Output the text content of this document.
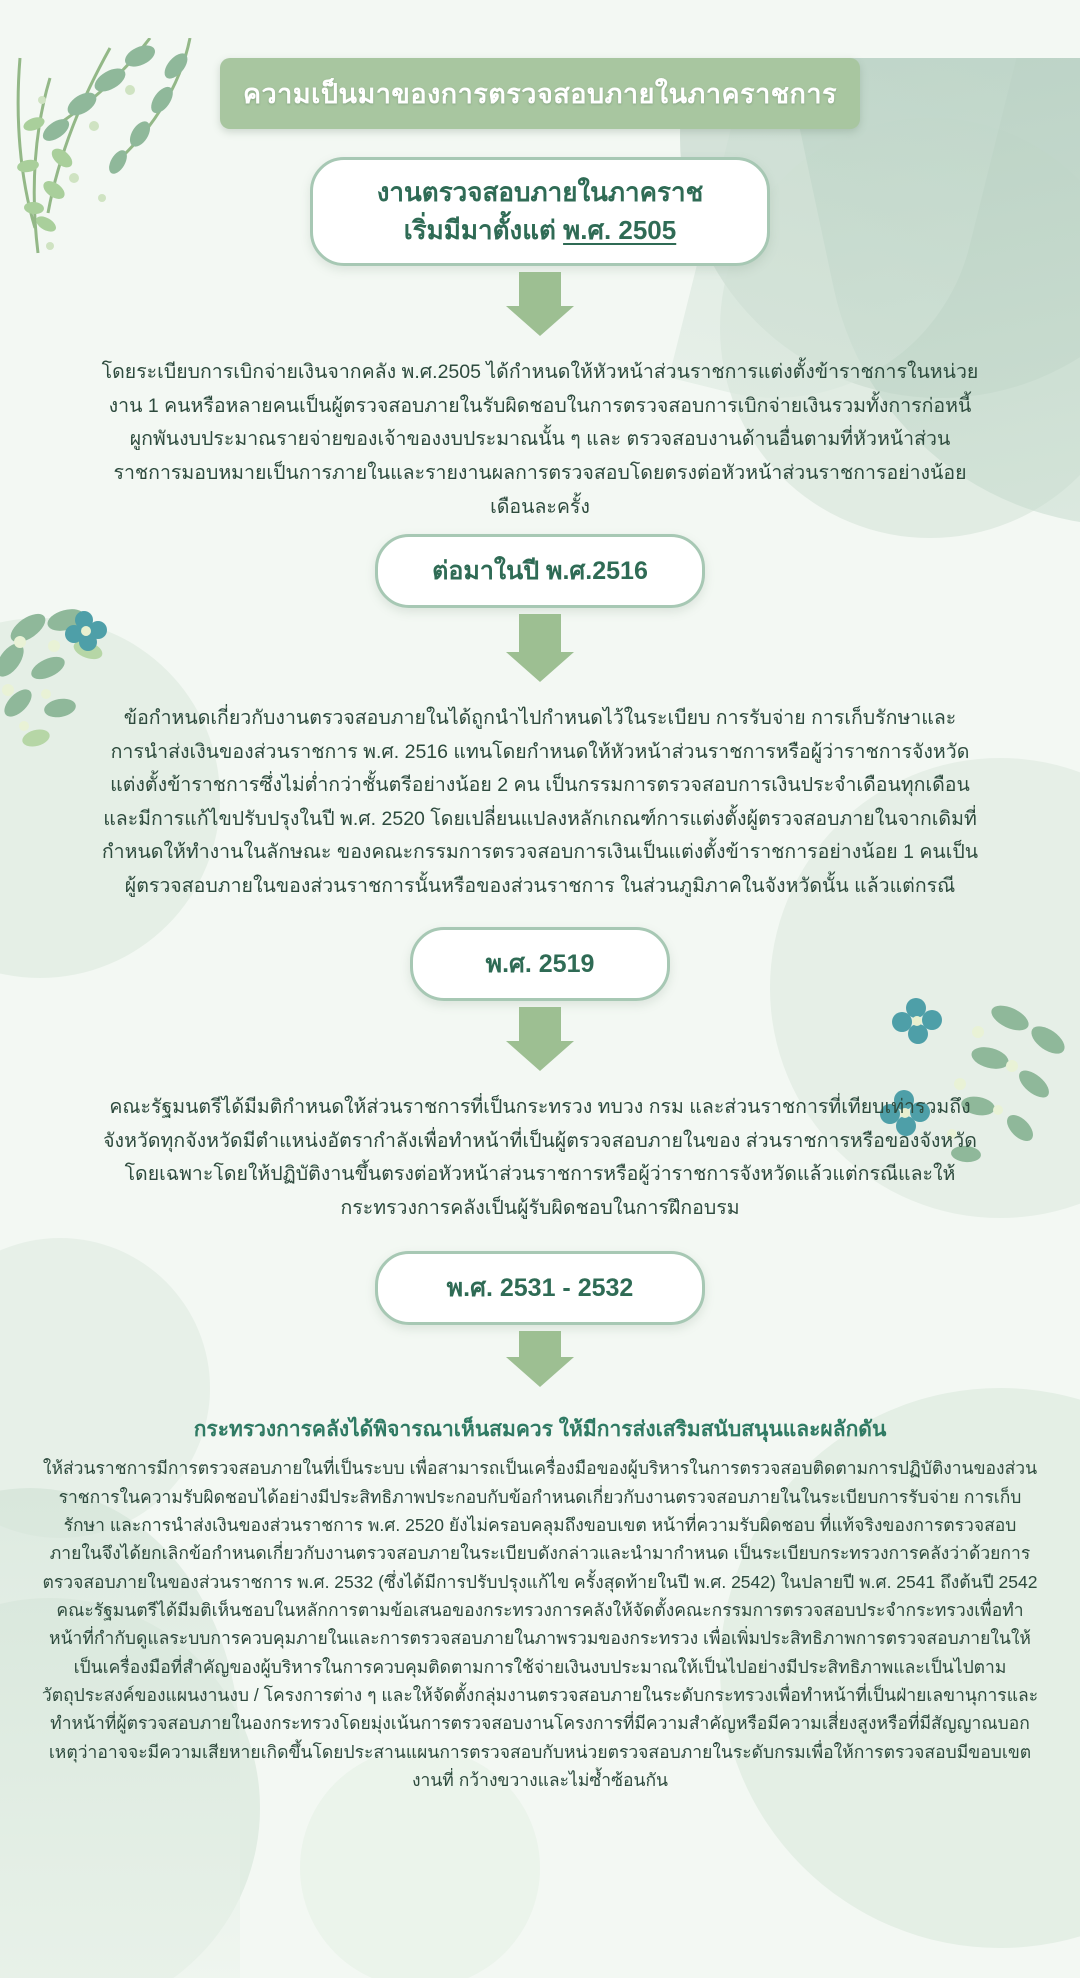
ความเป็นมาของการตรวจสอบภายในภาคราชการ
งานตรวจสอบภายในภาคราช
เริ่มมีมาตั้งแต่ พ.ศ. 2505

โดยระเบียบการเบิกจ่ายเงินจากคลัง พ.ศ.2505 ได้กำหนดให้หัวหน้าส่วนราชการแต่งตั้งข้าราชการในหน่วยงาน 1 คนหรือหลายคนเป็นผู้ตรวจสอบภายในรับผิดชอบในการตรวจสอบการเบิกจ่ายเงินรวมทั้งการก่อหนี้ผูกพันงบประมาณรายจ่ายของเจ้าของงบประมาณนั้น ๆ และ ตรวจสอบงานด้านอื่นตามที่หัวหน้าส่วนราชการมอบหมายเป็นการภายในและรายงานผลการตรวจสอบโดยตรงต่อหัวหน้าส่วนราชการอย่างน้อยเดือนละครั้ง

ต่อมาในปี พ.ศ.2516

ข้อกำหนดเกี่ยวกับงานตรวจสอบภายในได้ถูกนำไปกำหนดไว้ในระเบียบ การรับจ่าย การเก็บรักษาและการนำส่งเงินของส่วนราชการ พ.ศ. 2516 แทนโดยกำหนดให้หัวหน้าส่วนราชการหรือผู้ว่าราชการจังหวัดแต่งตั้งข้าราชการซึ่งไม่ต่ำกว่าชั้นตรีอย่างน้อย 2 คน เป็นกรรมการตรวจสอบการเงินประจำเดือนทุกเดือนและมีการแก้ไขปรับปรุงในปี พ.ศ. 2520 โดยเปลี่ยนแปลงหลักเกณฑ์การแต่งตั้งผู้ตรวจสอบภายในจากเดิมที่กำหนดให้ทำงานในลักษณะ ของคณะกรรมการตรวจสอบการเงินเป็นแต่งตั้งข้าราชการอย่างน้อย 1 คนเป็นผู้ตรวจสอบภายในของส่วนราชการนั้นหรือของส่วนราชการ ในส่วนภูมิภาคในจังหวัดนั้น แล้วแต่กรณี

พ.ศ. 2519

คณะรัฐมนตรีได้มีมติกำหนดให้ส่วนราชการที่เป็นกระทรวง ทบวง กรม และส่วนราชการที่เทียบเท่ารวมถึงจังหวัดทุกจังหวัดมีตำแหน่งอัตรากำลังเพื่อทำหน้าที่เป็นผู้ตรวจสอบภายในของ ส่วนราชการหรือของจังหวัดโดยเฉพาะโดยให้ปฏิบัติงานขึ้นตรงต่อหัวหน้าส่วนราชการหรือผู้ว่าราชการจังหวัดแล้วแต่กรณีและให้กระทรวงการคลังเป็นผู้รับผิดชอบในการฝึกอบรม

พ.ศ. 2531 - 2532
กระทรวงการคลังได้พิจารณาเห็นสมควร ให้มีการส่งเสริมสนับสนุนและผลักดัน

ให้ส่วนราชการมีการตรวจสอบภายในที่เป็นระบบ เพื่อสามารถเป็นเครื่องมือของผู้บริหารในการตรวจสอบติดตามการปฏิบัติงานของส่วนราชการในความรับผิดชอบได้อย่างมีประสิทธิภาพประกอบกับข้อกำหนดเกี่ยวกับงานตรวจสอบภายในในระเบียบการรับจ่าย การเก็บรักษา และการนำส่งเงินของส่วนราชการ พ.ศ. 2520 ยังไม่ครอบคลุมถึงขอบเขต หน้าที่ความรับผิดชอบ ที่แท้จริงของการตรวจสอบภายในจึงได้ยกเลิกข้อกำหนดเกี่ยวกับงานตรวจสอบภายในระเบียบดังกล่าวและนำมากำหนด เป็นระเบียบกระทรวงการคลังว่าด้วยการตรวจสอบภายในของส่วนราชการ พ.ศ. 2532 (ซึ่งได้มีการปรับปรุงแก้ไข ครั้งสุดท้ายในปี พ.ศ. 2542) ในปลายปี พ.ศ. 2541 ถึงต้นปี 2542 คณะรัฐมนตรีได้มีมติเห็นชอบในหลักการตามข้อเสนอของกระทรวงการคลังให้จัดตั้งคณะกรรมการตรวจสอบประจำกระทรวงเพื่อทำหน้าที่กำกับดูแลระบบการควบคุมภายในและการตรวจสอบภายในภาพรวมของกระทรวง เพื่อเพิ่มประสิทธิภาพการตรวจสอบภายในให้เป็นเครื่องมือที่สำคัญของผู้บริหารในการควบคุมติดตามการใช้จ่ายเงินงบประมาณให้เป็นไปอย่างมีประสิทธิภาพและเป็นไปตามวัตถุประสงค์ของแผนงานงบ / โครงการต่าง ๆ และให้จัดตั้งกลุ่มงานตรวจสอบภายในระดับกระทรวงเพื่อทำหน้าที่เป็นฝ่ายเลขานุการและทำหน้าที่ผู้ตรวจสอบภายในองกระทรวงโดยมุ่งเน้นการตรวจสอบงานโครงการที่มีความสำคัญหรือมีความเสี่ยงสูงหรือที่มีสัญญาณบอกเหตุว่าอาจจะมีความเสียหายเกิดขึ้นโดยประสานแผนการตรวจสอบกับหน่วยตรวจสอบภายในระดับกรมเพื่อให้การตรวจสอบมีขอบเขตงานที่ กว้างขวางและไม่ซ้ำซ้อนกัน
